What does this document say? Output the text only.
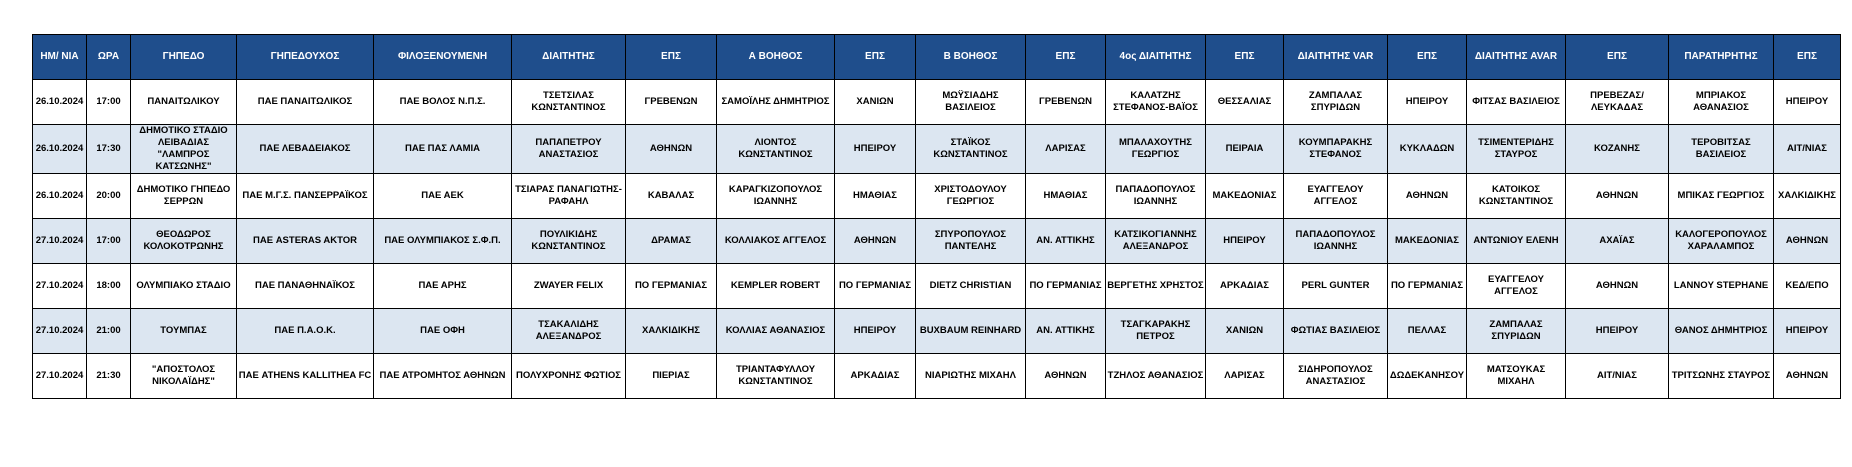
ΗΜ/ ΝΙΑ	ΩΡΑ	ΓΗΠΕΔΟ	ΓΗΠΕΔΟΥΧΟΣ	ΦΙΛΟΞΕΝΟΥΜΕΝΗ	ΔΙΑΙΤΗΤΗΣ	ΕΠΣ	Α ΒΟΗΘΟΣ	ΕΠΣ	Β ΒΟΗΘΟΣ	ΕΠΣ	4ος ΔΙΑΙΤΗΤΗΣ	ΕΠΣ	ΔΙΑΙΤΗΤΗΣ VAR	ΕΠΣ	ΔΙΑΙΤΗΤΗΣ AVAR	ΕΠΣ	ΠΑΡΑΤΗΡΗΤΗΣ	ΕΠΣ
26.10.2024	17:00	ΠΑΝΑΙΤΩΛΙΚΟΥ	ΠΑΕ ΠΑΝΑΙΤΩΛΙΚΟΣ	ΠΑΕ ΒΟΛΟΣ Ν.Π.Σ.	ΤΣΕΤΣΙΛΑΣ ΚΩΝΣΤΑΝΤΙΝΟΣ	ΓΡΕΒΕΝΩΝ	ΣΑΜΟΪΛΗΣ ΔΗΜΗΤΡΙΟΣ	ΧΑΝΙΩΝ	ΜΩΫΣΙΑΔΗΣ ΒΑΣΙΛΕΙΟΣ	ΓΡΕΒΕΝΩΝ	ΚΑΛΑΤΖΗΣ ΣΤΕΦΑΝΟΣ-ΒΑΪΟΣ	ΘΕΣΣΑΛΙΑΣ	ΖΑΜΠΑΛΑΣ ΣΠΥΡΙΔΩΝ	ΗΠΕΙΡΟΥ	ΦΙΤΣΑΣ ΒΑΣΙΛΕΙΟΣ	ΠΡΕΒΕΖΑΣ/ ΛΕΥΚΑΔΑΣ	ΜΠΡΙΑΚΟΣ ΑΘΑΝΑΣΙΟΣ	ΗΠΕΙΡΟΥ
26.10.2024	17:30	ΔΗΜΟΤΙΚΟ ΣΤΑΔΙΟ ΛΕΙΒΑΔΙΑΣ "ΛΑΜΠΡΟΣ ΚΑΤΣΩΝΗΣ"	ΠΑΕ ΛΕΒΑΔΕΙΑΚΟΣ	ΠΑΕ ΠΑΣ ΛΑΜΙΑ	ΠΑΠΑΠΕΤΡΟΥ ΑΝΑΣΤΑΣΙΟΣ	ΑΘΗΝΩΝ	ΛΙΟΝΤΟΣ ΚΩΝΣΤΑΝΤΙΝΟΣ	ΗΠΕΙΡΟΥ	ΣΤΑΪΚΟΣ ΚΩΝΣΤΑΝΤΙΝΟΣ	ΛΑΡΙΣΑΣ	ΜΠΑΛΑΧΟΥΤΗΣ ΓΕΩΡΓΙΟΣ	ΠΕΙΡΑΙΑ	ΚΟΥΜΠΑΡΑΚΗΣ ΣΤΕΦΑΝΟΣ	ΚΥΚΛΑΔΩΝ	ΤΣΙΜΕΝΤΕΡΙΔΗΣ ΣΤΑΥΡΟΣ	ΚΟΖΑΝΗΣ	ΤΕΡΟΒΙΤΣΑΣ ΒΑΣΙΛΕΙΟΣ	ΑΙΤ/ΝΙΑΣ
26.10.2024	20:00	ΔΗΜΟΤΙΚΟ ΓΗΠΕΔΟ ΣΕΡΡΩΝ	ΠΑΕ Μ.Γ.Σ. ΠΑΝΣΕΡΡΑΪΚΟΣ	ΠΑΕ ΑΕΚ	ΤΣΙΑΡΑΣ ΠΑΝΑΓΙΩΤΗΣ-ΡΑΦΑΗΛ	ΚΑΒΑΛΑΣ	ΚΑΡΑΓΚΙΖΟΠΟΥΛΟΣ ΙΩΑΝΝΗΣ	ΗΜΑΘΙΑΣ	ΧΡΙΣΤΟΔΟΥΛΟΥ ΓΕΩΡΓΙΟΣ	ΗΜΑΘΙΑΣ	ΠΑΠΑΔΟΠΟΥΛΟΣ ΙΩΑΝΝΗΣ	ΜΑΚΕΔΟΝΙΑΣ	ΕΥΑΓΓΕΛΟΥ ΑΓΓΕΛΟΣ	ΑΘΗΝΩΝ	ΚΑΤΟΙΚΟΣ ΚΩΝΣΤΑΝΤΙΝΟΣ	ΑΘΗΝΩΝ	ΜΠΙΚΑΣ ΓΕΩΡΓΙΟΣ	ΧΑΛΚΙΔΙΚΗΣ
27.10.2024	17:00	ΘΕΟΔΩΡΟΣ ΚΟΛΟΚΟΤΡΩΝΗΣ	ΠΑΕ ASTERAS AKTOR	ΠΑΕ ΟΛΥΜΠΙΑΚΟΣ Σ.Φ.Π.	ΠΟΥΛΙΚΙΔΗΣ ΚΩΝΣΤΑΝΤΙΝΟΣ	ΔΡΑΜΑΣ	ΚΟΛΛΙΑΚΟΣ ΑΓΓΕΛΟΣ	ΑΘΗΝΩΝ	ΣΠΥΡΟΠΟΥΛΟΣ ΠΑΝΤΕΛΗΣ	ΑΝ. ΑΤΤΙΚΗΣ	ΚΑΤΣΙΚΟΓΙΑΝΝΗΣ ΑΛΕΞΑΝΔΡΟΣ	ΗΠΕΙΡΟΥ	ΠΑΠΑΔΟΠΟΥΛΟΣ ΙΩΑΝΝΗΣ	ΜΑΚΕΔΟΝΙΑΣ	ΑΝΤΩΝΙΟΥ ΕΛΕΝΗ	ΑΧΑΪΑΣ	ΚΑΛΟΓΕΡΟΠΟΥΛΟΣ ΧΑΡΑΛΑΜΠΟΣ	ΑΘΗΝΩΝ
27.10.2024	18:00	ΟΛΥΜΠΙΑΚΟ ΣΤΑΔΙΟ	ΠΑΕ ΠΑΝΑΘΗΝΑΪΚΟΣ	ΠΑΕ ΑΡΗΣ	ZWAYER FELIX	ΠΟ ΓΕΡΜΑΝΙΑΣ	KEMPLER ROBERT	ΠΟ ΓΕΡΜΑΝΙΑΣ	DIETZ CHRISTIAN	ΠΟ ΓΕΡΜΑΝΙΑΣ	ΒΕΡΓΕΤΗΣ ΧΡΗΣΤΟΣ	ΑΡΚΑΔΙΑΣ	PERL GUNTER	ΠΟ ΓΕΡΜΑΝΙΑΣ	ΕΥΑΓΓΕΛΟΥ ΑΓΓΕΛΟΣ	ΑΘΗΝΩΝ	LANNOY STEPHANE	ΚΕΔ/ΕΠΟ
27.10.2024	21:00	ΤΟΥΜΠΑΣ	ΠΑΕ Π.Α.Ο.Κ.	ΠΑΕ ΟΦΗ	ΤΣΑΚΑΛΙΔΗΣ ΑΛΕΞΑΝΔΡΟΣ	ΧΑΛΚΙΔΙΚΗΣ	ΚΟΛΛΙΑΣ ΑΘΑΝΑΣΙΟΣ	ΗΠΕΙΡΟΥ	BUXBAUM REINHARD	ΑΝ. ΑΤΤΙΚΗΣ	ΤΣΑΓΚΑΡΑΚΗΣ ΠΕΤΡΟΣ	ΧΑΝΙΩΝ	ΦΩΤΙΑΣ ΒΑΣΙΛΕΙΟΣ	ΠΕΛΛΑΣ	ΖΑΜΠΑΛΑΣ ΣΠΥΡΙΔΩΝ	ΗΠΕΙΡΟΥ	ΘΑΝΟΣ ΔΗΜΗΤΡΙΟΣ	ΗΠΕΙΡΟΥ
27.10.2024	21:30	"ΑΠΟΣΤΟΛΟΣ ΝΙΚΟΛΑΪΔΗΣ"	ΠΑΕ ATHENS KALLITHEA FC	ΠΑΕ ΑΤΡΟΜΗΤΟΣ ΑΘΗΝΩΝ	ΠΟΛΥΧΡΟΝΗΣ ΦΩΤΙΟΣ	ΠΙΕΡΙΑΣ	ΤΡΙΑΝΤΑΦΥΛΛΟΥ ΚΩΝΣΤΑΝΤΙΝΟΣ	ΑΡΚΑΔΙΑΣ	ΝΙΑΡΙΩΤΗΣ ΜΙΧΑΗΛ	ΑΘΗΝΩΝ	ΤΖΗΛΟΣ ΑΘΑΝΑΣΙΟΣ	ΛΑΡΙΣΑΣ	ΣΙΔΗΡΟΠΟΥΛΟΣ ΑΝΑΣΤΑΣΙΟΣ	ΔΩΔΕΚΑΝΗΣΟΥ	ΜΑΤΣΟΥΚΑΣ ΜΙΧΑΗΛ	ΑΙΤ/ΝΙΑΣ	ΤΡΙΤΣΩΝΗΣ ΣΤΑΥΡΟΣ	ΑΘΗΝΩΝ
